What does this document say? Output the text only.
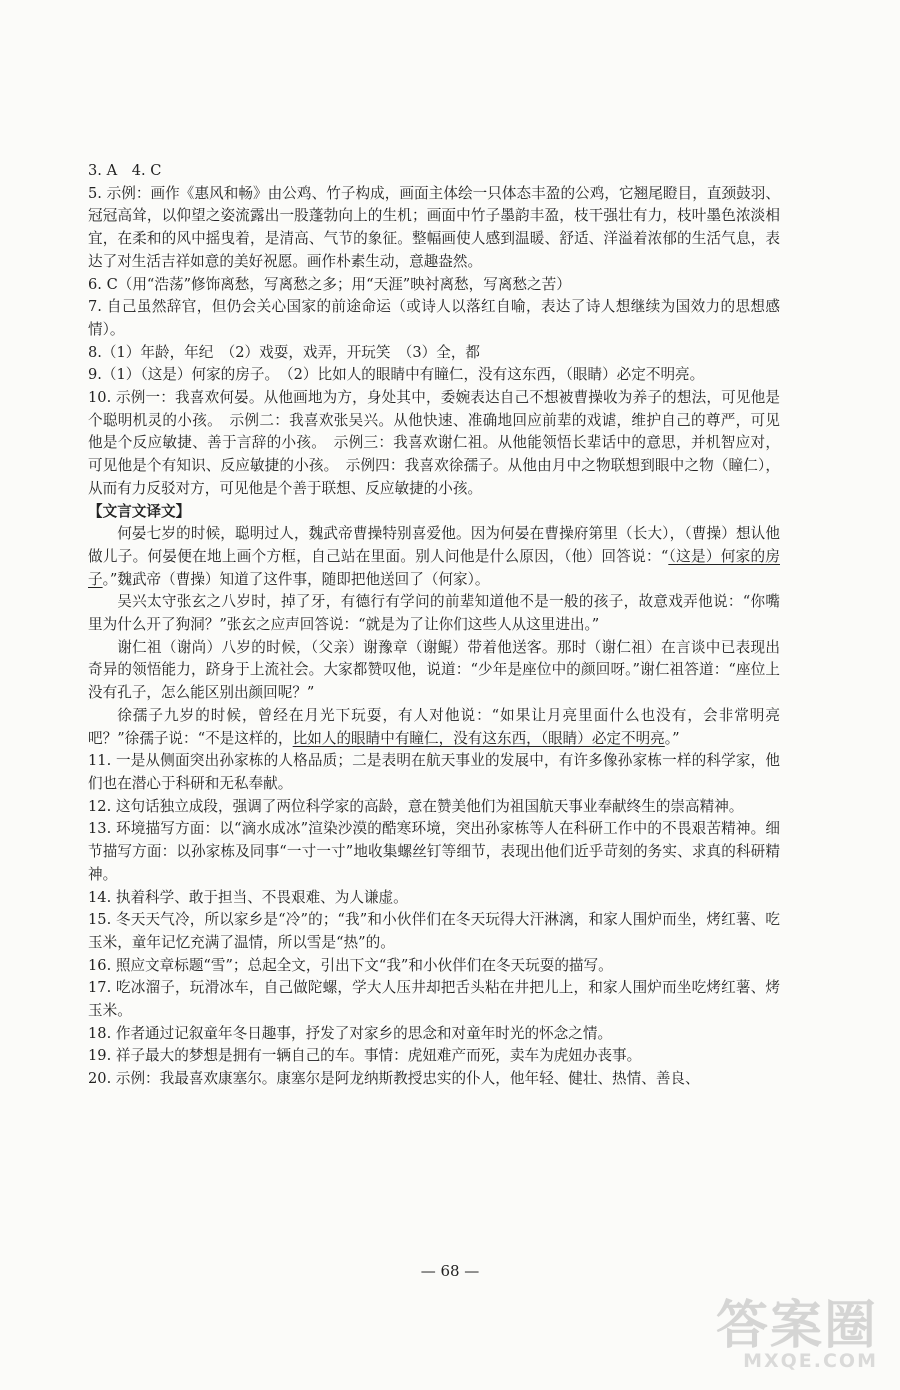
3. A　4. C

5. 示例：画作《惠风和畅》由公鸡、竹子构成，画面主体绘一只体态丰盈的公鸡，它翘尾瞪目，直颈鼓羽、冠冠高耸，以仰望之姿流露出一股蓬勃向上的生机；画面中竹子墨韵丰盈，枝干强壮有力，枝叶墨色浓淡相宜，在柔和的风中摇曳着，是清高、气节的象征。整幅画使人感到温暖、舒适、洋溢着浓郁的生活气息，表达了对生活吉祥如意的美好祝愿。画作朴素生动，意趣盎然。

6. C（用“浩荡”修饰离愁，写离愁之多；用“天涯”映衬离愁，写离愁之苦）

7. 自己虽然辞官，但仍会关心国家的前途命运（或诗人以落红自喻，表达了诗人想继续为国效力的思想感情）。

8.（1）年龄，年纪　（2）戏耍，戏弄，开玩笑　（3）全，都

9.（1）（这是）何家的房子。　（2）比如人的眼睛中有瞳仁，没有这东西，（眼睛）必定不明亮。

10. 示例一：我喜欢何晏。从他画地为方，身处其中，委婉表达自己不想被曹操收为养子的想法，可见他是个聪明机灵的小孩。　示例二：我喜欢张吴兴。从他快速、准确地回应前辈的戏谑，维护自己的尊严，可见他是个反应敏捷、善于言辞的小孩。　示例三：我喜欢谢仁祖。从他能领悟长辈话中的意思，并机智应对，可见他是个有知识、反应敏捷的小孩。　示例四：我喜欢徐孺子。从他由月中之物联想到眼中之物（瞳仁），从而有力反驳对方，可见他是个善于联想、反应敏捷的小孩。

【文言文译文】

何晏七岁的时候，聪明过人，魏武帝曹操特别喜爱他。因为何晏在曹操府第里（长大），（曹操）想认他做儿子。何晏便在地上画个方框，自己站在里面。别人问他是什么原因，（他）回答说：“（这是）何家的房子。”魏武帝（曹操）知道了这件事，随即把他送回了（何家）。

吴兴太守张玄之八岁时，掉了牙，有德行有学问的前辈知道他不是一般的孩子，故意戏弄他说：“你嘴里为什么开了狗洞？”张玄之应声回答说：“就是为了让你们这些人从这里进出。”

谢仁祖（谢尚）八岁的时候，（父亲）谢豫章（谢鲲）带着他送客。那时（谢仁祖）在言谈中已表现出奇异的领悟能力，跻身于上流社会。大家都赞叹他，说道：“少年是座位中的颜回呀。”谢仁祖答道：“座位上没有孔子，怎么能区别出颜回呢？”

徐孺子九岁的时候，曾经在月光下玩耍，有人对他说：“如果让月亮里面什么也没有，会非常明亮吧？”徐孺子说：“不是这样的，比如人的眼睛中有瞳仁，没有这东西，（眼睛）必定不明亮。”

11. 一是从侧面突出孙家栋的人格品质；二是表明在航天事业的发展中，有许多像孙家栋一样的科学家，他们也在潜心于科研和无私奉献。

12. 这句话独立成段，强调了两位科学家的高龄，意在赞美他们为祖国航天事业奉献终生的崇高精神。

13. 环境描写方面：以“滴水成冰”渲染沙漠的酷寒环境，突出孙家栋等人在科研工作中的不畏艰苦精神。细节描写方面：以孙家栋及同事“一寸一寸”地收集螺丝钉等细节，表现出他们近乎苛刻的务实、求真的科研精神。

14. 执着科学、敢于担当、不畏艰难、为人谦虚。

15. 冬天天气冷，所以家乡是“冷”的；“我”和小伙伴们在冬天玩得大汗淋漓，和家人围炉而坐，烤红薯、吃玉米，童年记忆充满了温情，所以雪是“热”的。

16. 照应文章标题“雪”；总起全文，引出下文“我”和小伙伴们在冬天玩耍的描写。

17. 吃冰溜子，玩滑冰车，自己做陀螺，学大人压井却把舌头粘在井把儿上，和家人围炉而坐吃烤红薯、烤玉米。

18. 作者通过记叙童年冬日趣事，抒发了对家乡的思念和对童年时光的怀念之情。

19. 祥子最大的梦想是拥有一辆自己的车。事情：虎妞难产而死，卖车为虎妞办丧事。

20. 示例：我最喜欢康塞尔。康塞尔是阿龙纳斯教授忠实的仆人，他年轻、健壮、热情、善良、

— 68 —
答案圈
MXQE.COM
